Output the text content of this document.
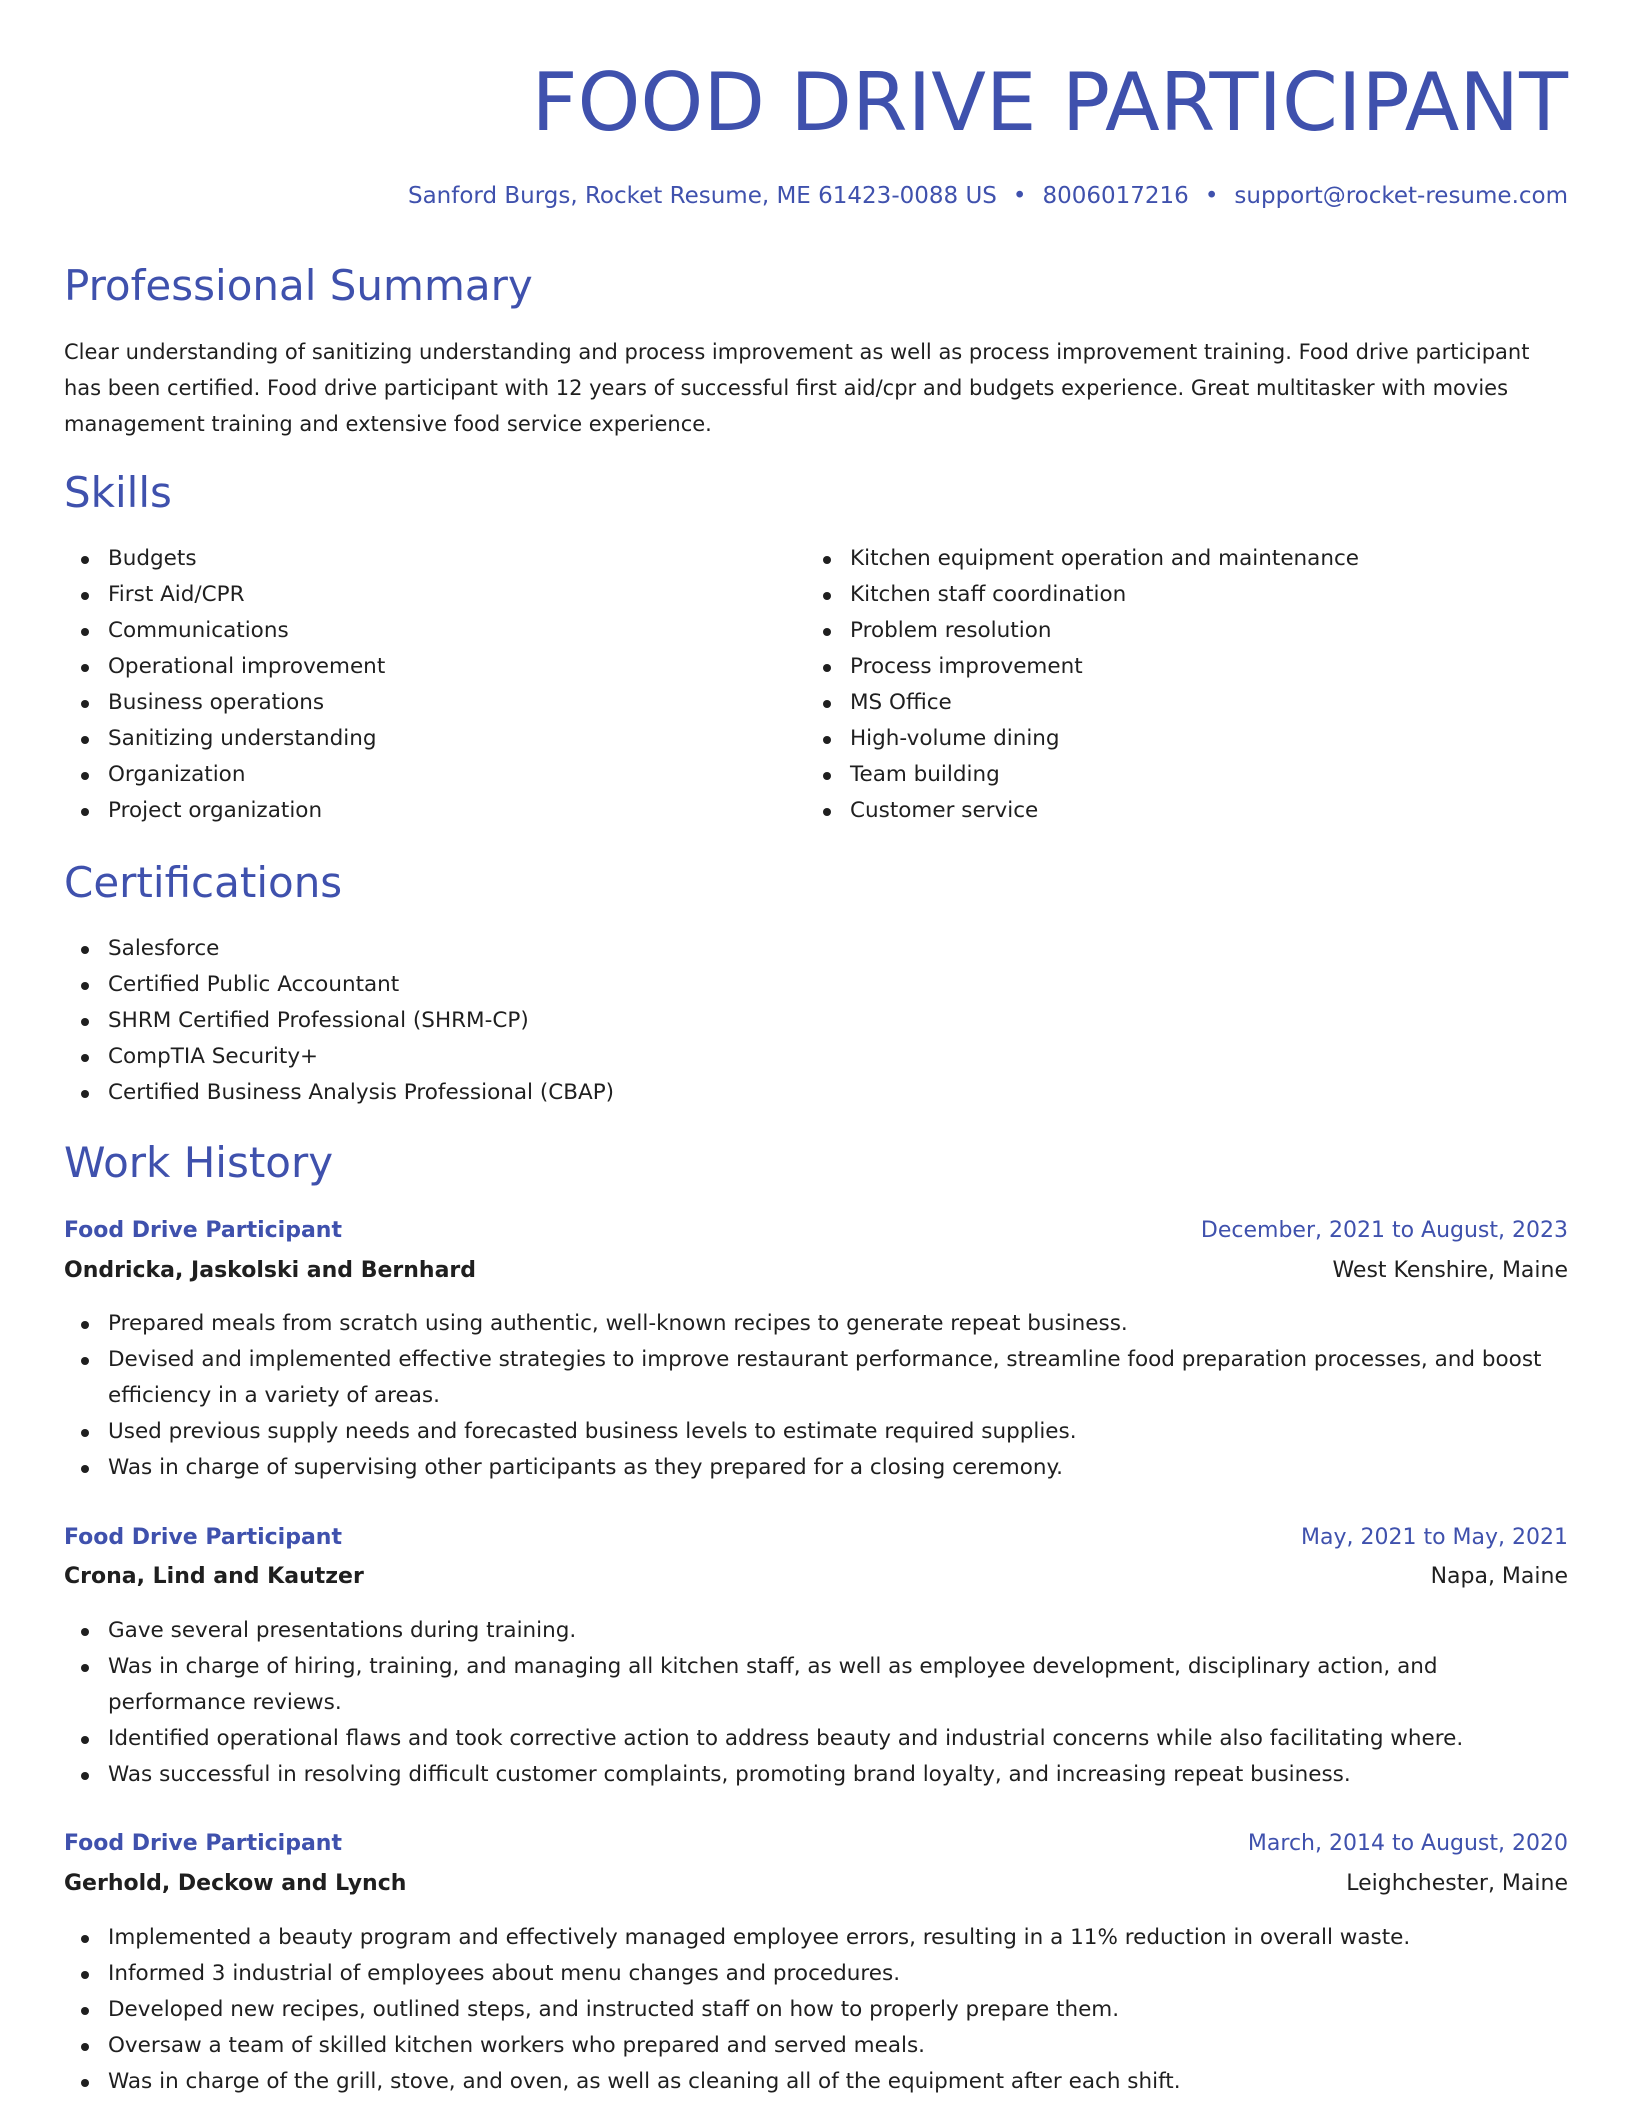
FOOD DRIVE PARTICIPANT
Sanford Burgs, Rocket Resume, ME 61423-0088 US • 8006017216 • support@rocket-resume.com
Professional Summary

Clear understanding of sanitizing understanding and process improvement as well as process improvement training. Food drive participant has been certified. Food drive participant with 12 years of successful first aid/cpr and budgets experience. Great multitasker with movies management training and extensive food service experience.

Skills
Budgets
First Aid/CPR
Communications
Operational improvement
Business operations
Sanitizing understanding
Organization
Project organization
Kitchen equipment operation and maintenance
Kitchen staff coordination
Problem resolution
Process improvement
MS Office
High-volume dining
Team building
Customer service
Certifications
Salesforce
Certified Public Accountant
SHRM Certified Professional (SHRM-CP)
CompTIA Security+
Certified Business Analysis Professional (CBAP)
Work History
Food Drive Participant	December, 2021 to August, 2023
Ondricka, Jaskolski and Bernhard	West Kenshire, Maine
Prepared meals from scratch using authentic, well-known recipes to generate repeat business.
Devised and implemented effective strategies to improve restaurant performance, streamline food preparation processes, and boost efficiency in a variety of areas.
Used previous supply needs and forecasted business levels to estimate required supplies.
Was in charge of supervising other participants as they prepared for a closing ceremony.
Food Drive Participant	May, 2021 to May, 2021
Crona, Lind and Kautzer	Napa, Maine
Gave several presentations during training.
Was in charge of hiring, training, and managing all kitchen staff, as well as employee development, disciplinary action, and performance reviews.
Identified operational flaws and took corrective action to address beauty and industrial concerns while also facilitating where.
Was successful in resolving difficult customer complaints, promoting brand loyalty, and increasing repeat business.
Food Drive Participant	March, 2014 to August, 2020
Gerhold, Deckow and Lynch	Leighchester, Maine
Implemented a beauty program and effectively managed employee errors, resulting in a 11% reduction in overall waste.
Informed 3 industrial of employees about menu changes and procedures.
Developed new recipes, outlined steps, and instructed staff on how to properly prepare them.
Oversaw a team of skilled kitchen workers who prepared and served meals.
Was in charge of the grill, stove, and oven, as well as cleaning all of the equipment after each shift.
